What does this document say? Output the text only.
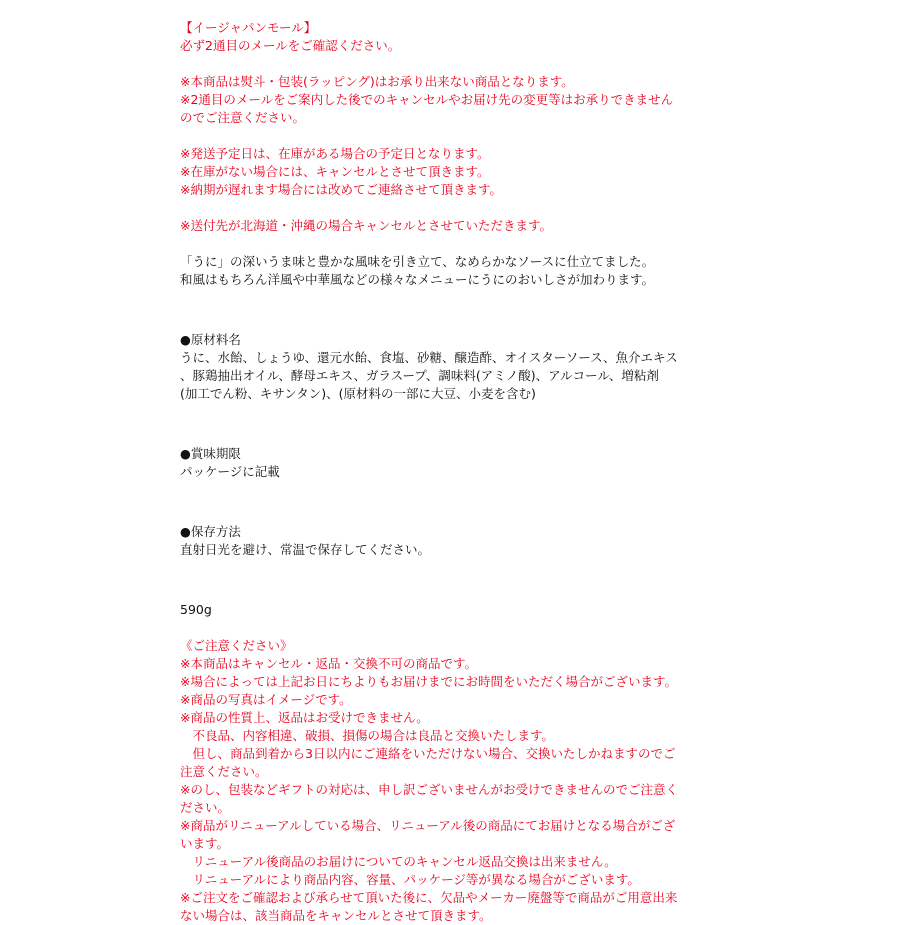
【イージャパンモール】
必ず2通目のメールをご確認ください。
※本商品は熨斗・包装(ラッピング)はお承り出来ない商品となります。
※2通目のメールをご案内した後でのキャンセルやお届け先の変更等はお承りできません
のでご注意ください。
※発送予定日は、在庫がある場合の予定日となります。
※在庫がない場合には、キャンセルとさせて頂きます。
※納期が遅れます場合には改めてご連絡させて頂きます。
※送付先が北海道・沖縄の場合キャンセルとさせていただきます。
「うに」の深いうま味と豊かな風味を引き立て、なめらかなソースに仕立てました。
和風はもちろん洋風や中華風などの様々なメニューにうにのおいしさが加わります。
●原材料名
うに、水飴、しょうゆ、還元水飴、食塩、砂糖、醸造酢、オイスターソース、魚介エキス
、豚鶏抽出オイル、酵母エキス、ガラスープ、調味料(アミノ酸)、アルコール、増粘剤
(加工でん粉、キサンタン)、(原材料の一部に大豆、小麦を含む)
●賞味期限
パッケージに記載
●保存方法
直射日光を避け、常温で保存してください。
590g
《ご注意ください》
※本商品はキャンセル・返品・交換不可の商品です。
※場合によっては上記お日にちよりもお届けまでにお時間をいただく場合がございます。
※商品の写真はイメージです。
※商品の性質上、返品はお受けできません。
　不良品、内容相違、破損、損傷の場合は良品と交換いたします。
　但し、商品到着から3日以内にご連絡をいただけない場合、交換いたしかねますのでご
注意ください。
※のし、包装などギフトの対応は、申し訳ございませんがお受けできませんのでご注意く
ださい。
※商品がリニューアルしている場合、リニューアル後の商品にてお届けとなる場合がござ
います。
　リニューアル後商品のお届けについてのキャンセル返品交換は出来ません。
　リニューアルにより商品内容、容量、パッケージ等が異なる場合がございます。
※ご注文をご確認および承らせて頂いた後に、欠品やメーカー廃盤等で商品がご用意出来
ない場合は、該当商品をキャンセルとさせて頂きます。
